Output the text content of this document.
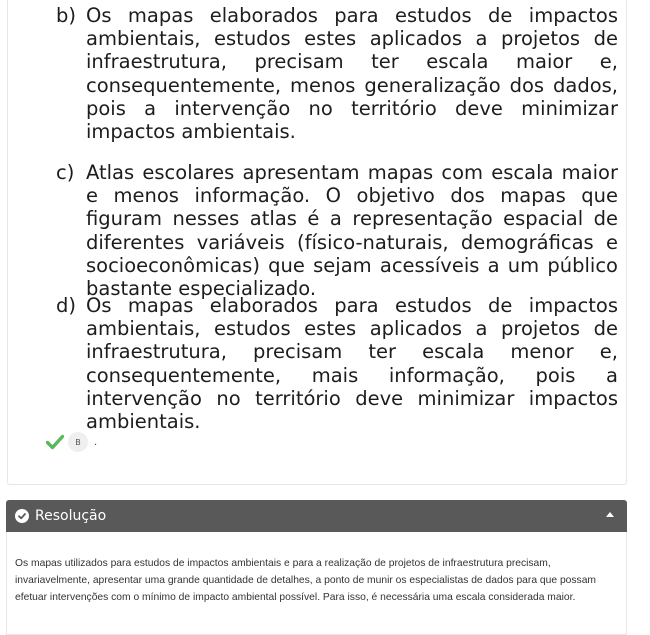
b) Os mapas elaborados para estudos de impactos ambientais, estudos estes aplicados a projetos de infraestrutura, precisam ter escala maior e, consequentemente, menos generalização dos dados, pois a intervenção no território deve minimizar impactos ambientais.
c) Atlas escolares apresentam mapas com escala maior e menos informação. O objetivo dos mapas que figuram nesses atlas é a representação espacial de diferentes variáveis (físico-naturais, demográficas e socioeconômicas) que sejam acessíveis a um público bastante especializado.
d) Os mapas elaborados para estudos de impactos ambientais, estudos estes aplicados a projetos de infraestrutura, precisam ter escala menor e, consequentemente, mais informação, pois a intervenção no território deve minimizar impactos ambientais.
B	.
Resolução
Os mapas utilizados para estudos de impactos ambientais e para a realização de projetos de infraestrutura precisam, invariavelmente, apresentar uma grande quantidade de detalhes, a ponto de munir os especialistas de dados para que possam efetuar intervenções com o mínimo de impacto ambiental possível. Para isso, é necessária uma escala considerada maior.
